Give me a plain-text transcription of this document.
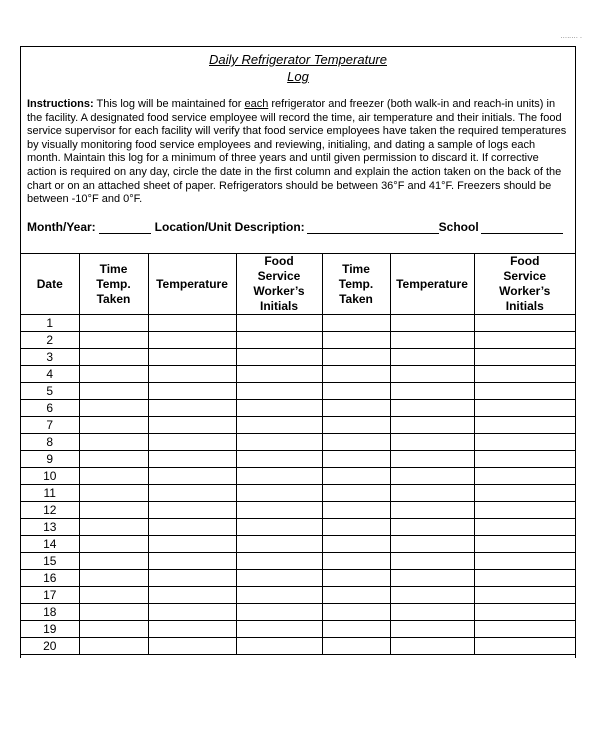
…..… .
Daily Refrigerator Temperature
Log
Instructions: This log will be maintained for each refrigerator and freezer (both walk-in and reach-in units) in the facility. A designated food service employee will record the time, air temperature and their initials. The food service supervisor for each facility will verify that food service employees have taken the required temperatures by visually monitoring food service employees and reviewing, initialing, and dating a sample of logs each month. Maintain this log for a minimum of three years and until given permission to discard it. If corrective action is required on any day, circle the date in the first column and explain the action taken on the back of the chart or on an attached sheet of paper. Refrigerators should be between 36°F and 41°F. Freezers should be between -10°F and 0°F.
Month/Year:	Location/Unit Description:	School
Date	Time
Temp.
Taken	Temperature	Food
Service
Worker’s
Initials	Time
Temp.
Taken	Temperature	Food
Service
Worker’s
Initials

1						
2						
3						
4						
5						
6						
7						
8						
9						
10						
11						
12						
13						
14						
15						
16						
17						
18						
19						
20						
